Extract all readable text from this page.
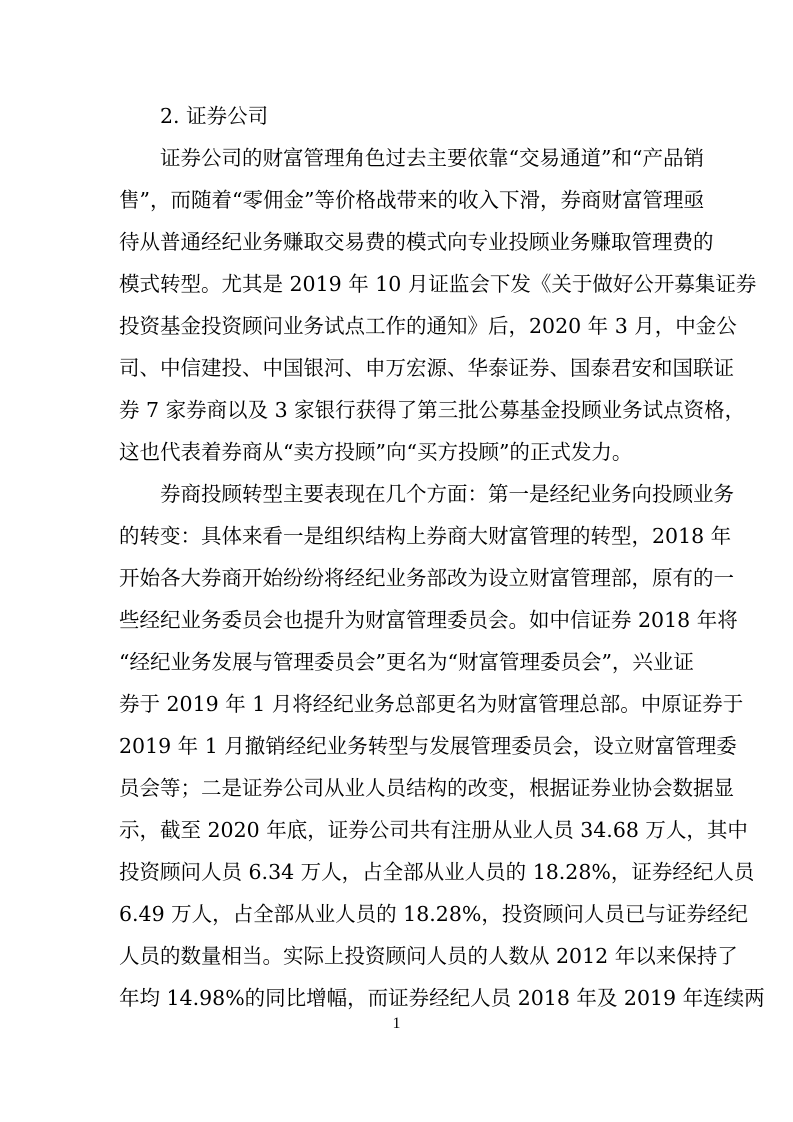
2. 证券公司
证券公司的财富管理角色过去主要依靠“交易通道”和“产品销
售”，而随着“零佣金”等价格战带来的收入下滑，券商财富管理亟
待从普通经纪业务赚取交易费的模式向专业投顾业务赚取管理费的
模式转型。尤其是 2019 年 10 月证监会下发《关于做好公开募集证券
投资基金投资顾问业务试点工作的通知》后，2020 年 3 月，中金公
司、中信建投、中国银河、申万宏源、华泰证券、国泰君安和国联证
券 7 家券商以及 3 家银行获得了第三批公募基金投顾业务试点资格，
这也代表着券商从“卖方投顾”向“买方投顾”的正式发力。
券商投顾转型主要表现在几个方面：第一是经纪业务向投顾业务
的转变：具体来看一是组织结构上券商大财富管理的转型，2018 年
开始各大券商开始纷纷将经纪业务部改为设立财富管理部，原有的一
些经纪业务委员会也提升为财富管理委员会。如中信证券 2018 年将
“经纪业务发展与管理委员会”更名为“财富管理委员会”，兴业证
券于 2019 年 1 月将经纪业务总部更名为财富管理总部。中原证券于
2019 年 1 月撤销经纪业务转型与发展管理委员会，设立财富管理委
员会等；二是证券公司从业人员结构的改变，根据证券业协会数据显
示，截至 2020 年底，证券公司共有注册从业人员 34.68 万人，其中
投资顾问人员 6.34 万人，占全部从业人员的 18.28%，证券经纪人员
6.49 万人，占全部从业人员的 18.28%，投资顾问人员已与证券经纪
人员的数量相当。实际上投资顾问人员的人数从 2012 年以来保持了
年均 14.98%的同比增幅，而证券经纪人员 2018 年及 2019 年连续两
1
